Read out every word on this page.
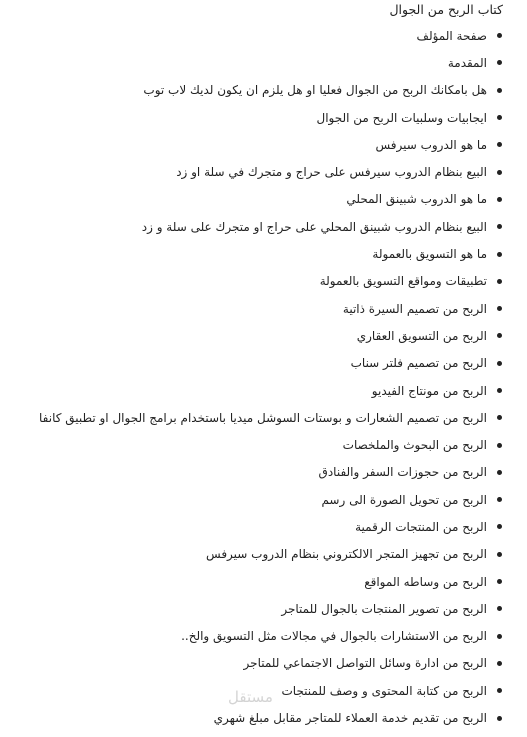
كتاب الربح من الجوال
صفحة المؤلف
المقدمة
هل بامكانك الربح من الجوال فعليا او هل يلزم ان يكون لديك لاب توب
ايجابيات وسلبيات الربح من الجوال
ما هو الدروب سيرفس
البيع بنظام الدروب سيرفس على حراج و متجرك في سلة او زد
ما هو الدروب شبينق المحلي
البيع بنظام الدروب شبينق المحلي على حراج او متجرك على سلة و زد
ما هو التسويق بالعمولة
تطبيقات ومواقع التسويق بالعمولة
الربح من تصميم السيرة ذاتية
الربح من التسويق العقاري
الربح من تصميم فلتر سناب
الربح من مونتاج الفيديو
الربح من تصميم الشعارات و بوستات السوشل ميديا باستخدام برامج الجوال او تطبيق كانفا
الربح من البحوث والملخصات
الربح من حجوزات السفر والفنادق
الربح من تحويل الصورة الى رسم
الربح من المنتجات الرقمية
الربح من تجهيز المتجر الالكتروني بنظام الدروب سيرفس
الربح من وساطه المواقع
الربح من تصوير المنتجات بالجوال للمتاجر
الربح من الاستشارات بالجوال في مجالات مثل التسويق والخ..
الربح من ادارة وسائل التواصل الاجتماعي للمتاجر
الربح من كتابة المحتوى و وصف للمنتجات
الربح من تقديم خدمة العملاء للمتاجر مقابل مبلغ شهري
مستقل
